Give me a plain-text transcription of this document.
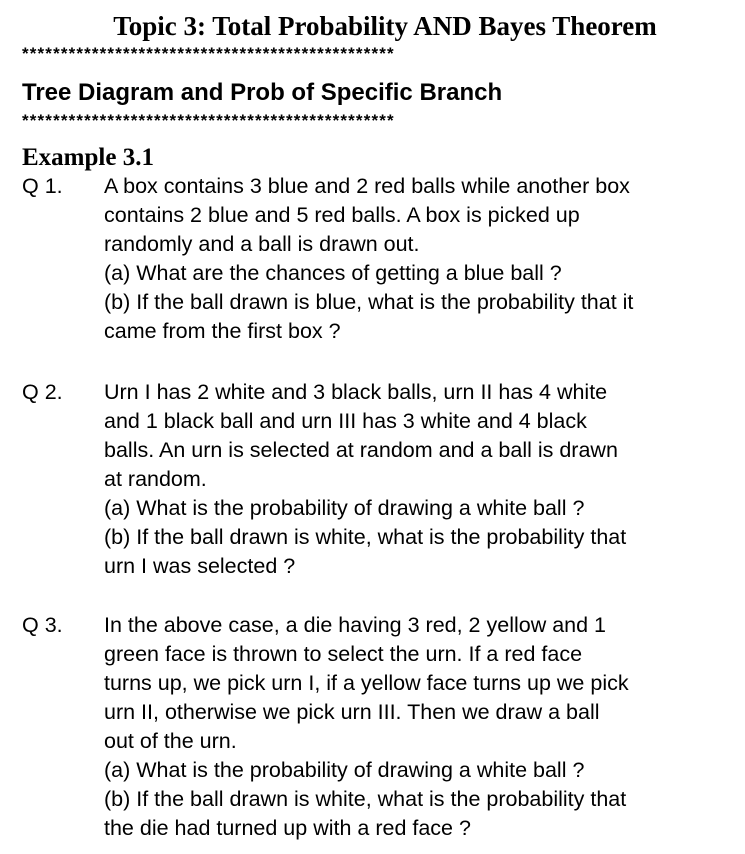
Topic 3: Total Probability AND Bayes Theorem
************************************************
Tree Diagram and Prob of Specific Branch
************************************************
Example 3.1
Q 1. A box contains 3 blue and 2 red balls while another box
contains 2 blue and 5 red balls. A box is picked up
randomly and a ball is drawn out.
(a) What are the chances of getting a blue ball ?
(b) If the ball drawn is blue, what is the probability that it
came from the first box ?
Q 2. Urn I has 2 white and 3 black balls, urn II has 4 white
and 1 black ball and urn III has 3 white and 4 black
balls. An urn is selected at random and a ball is drawn
at random.
(a) What is the probability of drawing a white ball ?
(b) If the ball drawn is white, what is the probability that
urn I was selected ?
Q 3. In the above case, a die having 3 red, 2 yellow and 1
green face is thrown to select the urn. If a red face
turns up, we pick urn I, if a yellow face turns up we pick
urn II, otherwise we pick urn III. Then we draw a ball
out of the urn.
(a) What is the probability of drawing a white ball ?
(b) If the ball drawn is white, what is the probability that
the die had turned up with a red face ?
